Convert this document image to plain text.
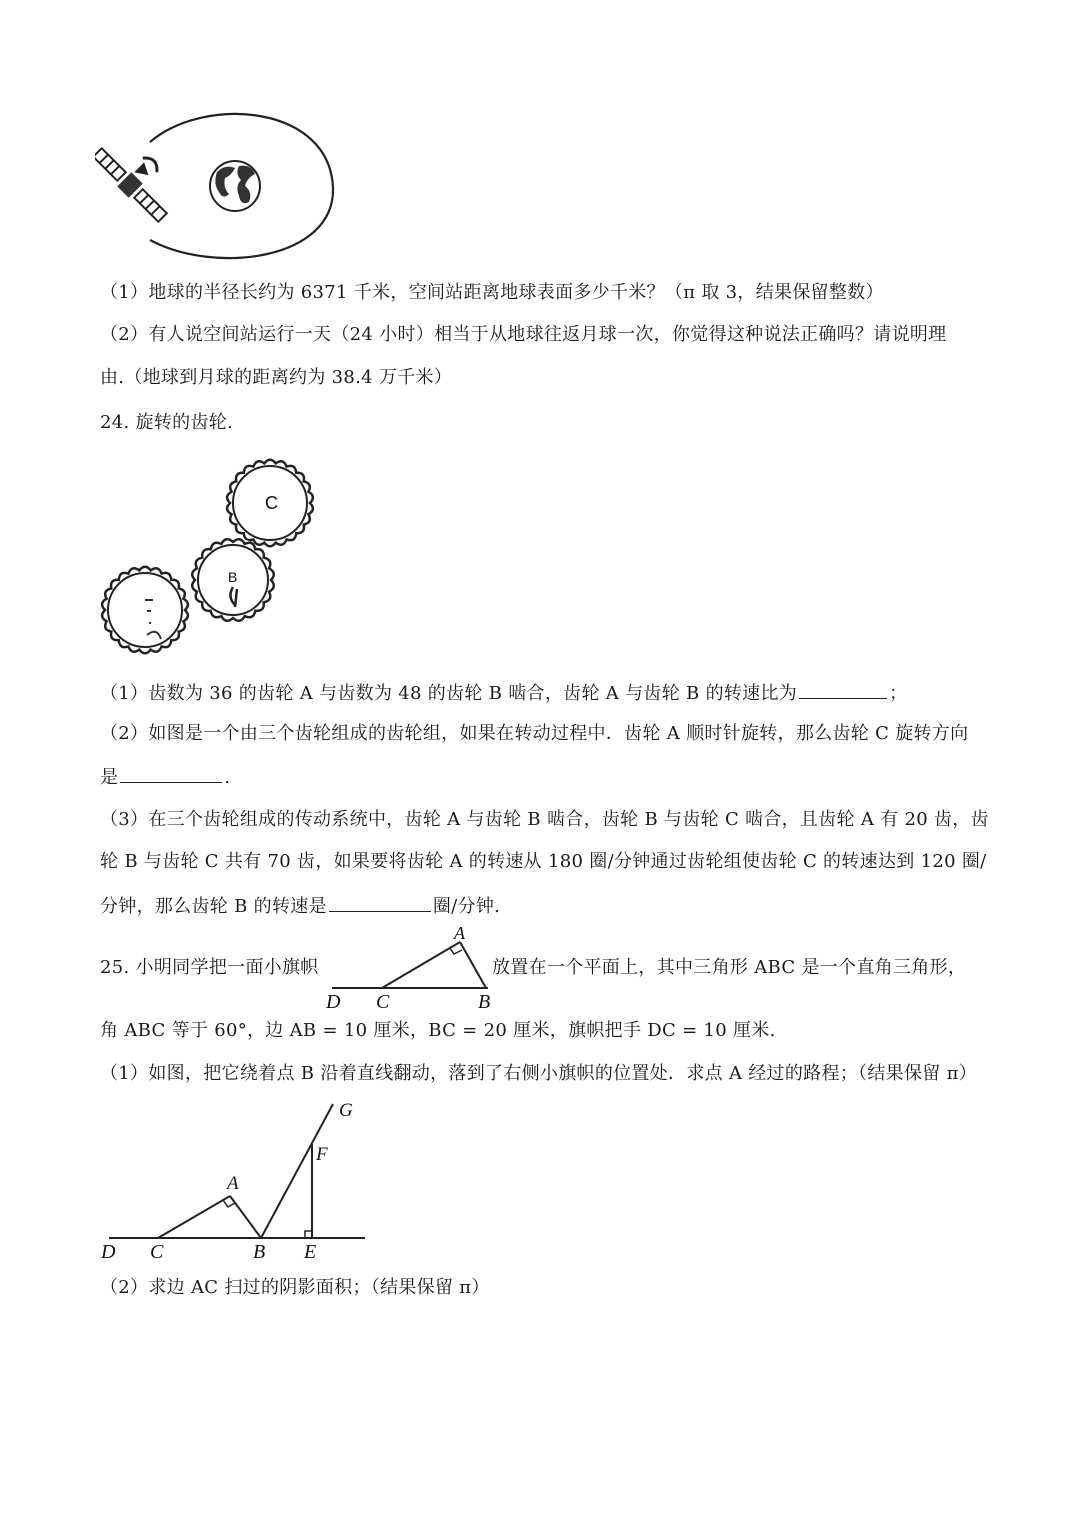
（1）地球的半径长约为 6371 千米，空间站距离地球表面多少千米？（π 取 3，结果保留整数）
（2）有人说空间站运行一天（24 小时）相当于从地球往返月球一次，你觉得这种说法正确吗？请说明理
由.（地球到月球的距离约为 38.4 万千米）
24. 旋转的齿轮.
C
B
（1）齿数为 36 的齿轮 A 与齿数为 48 的齿轮 B 啮合，齿轮 A 与齿轮 B 的转速比为	；
（2）如图是一个由三个齿轮组成的齿轮组，如果在转动过程中．齿轮 A 顺时针旋转，那么齿轮 C 旋转方向
是	.
（3）在三个齿轮组成的传动系统中，齿轮 A 与齿轮 B 啮合，齿轮 B 与齿轮 C 啮合，且齿轮 A 有 20 齿，齿
轮 B 与齿轮 C 共有 70 齿，如果要将齿轮 A 的转速从 180 圈/分钟通过齿轮组使齿轮 C 的转速达到 120 圈/
分钟，那么齿轮 B 的转速是	圈/分钟.
25. 小明同学把一面小旗帜
A
D C	B
放置在一个平面上，其中三角形 ABC 是一个直角三角形，
角 ABC 等于 60°，边 AB = 10 厘米，BC = 20 厘米，旗帜把手 DC = 10 厘米.
（1）如图，把它绕着点 B 沿着直线翻动，落到了右侧小旗帜的位置处．求点 A 经过的路程；（结果保留 π）
G
F
A
D C	B E
（2）求边 AC 扫过的阴影面积；（结果保留 π）
